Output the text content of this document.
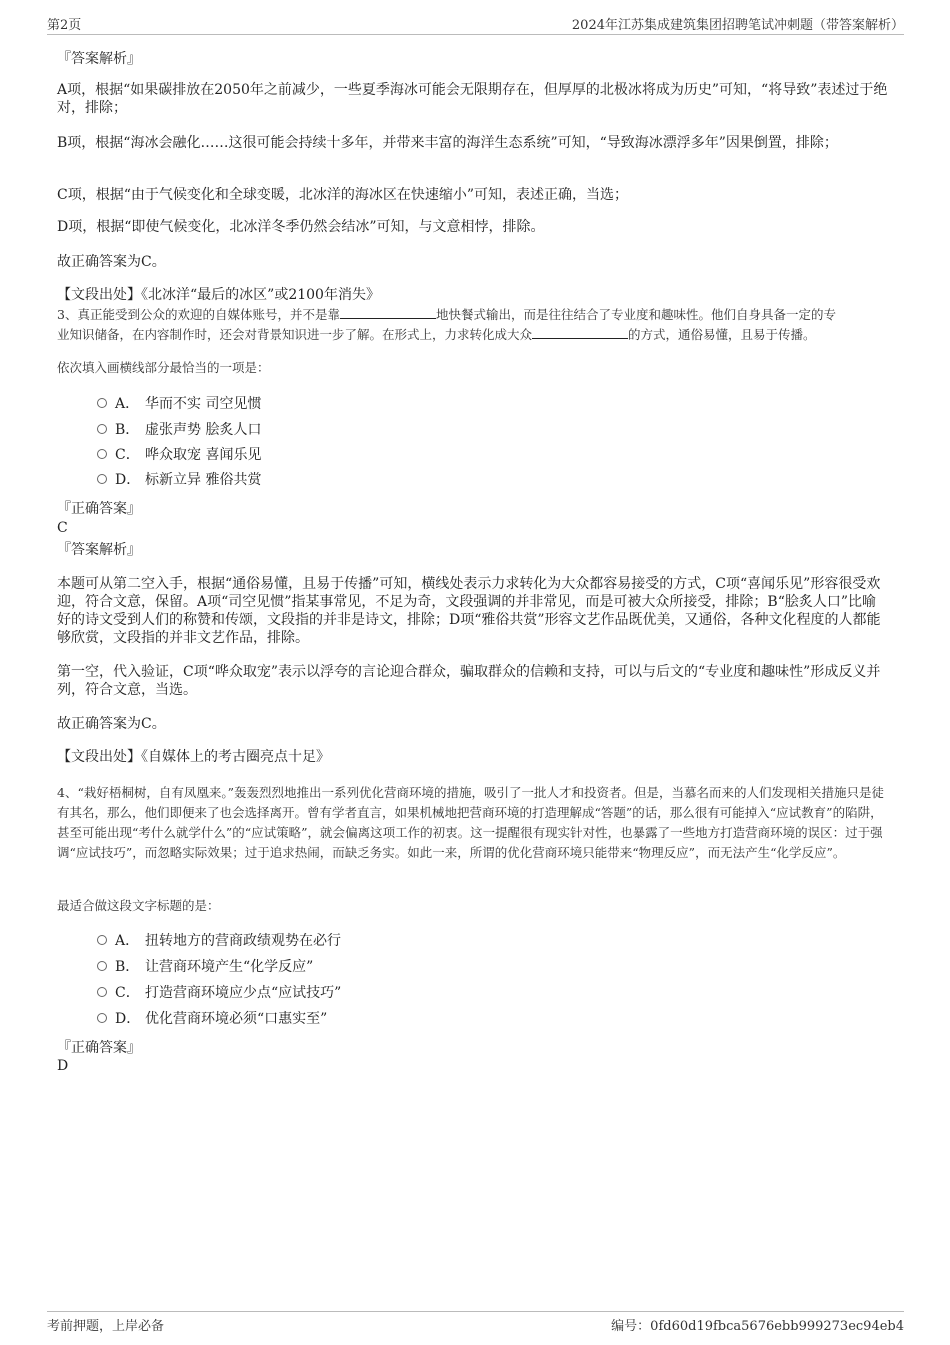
第2页	2024年江苏集成建筑集团招聘笔试冲刺题（带答案解析）
『答案解析』
A项，根据“如果碳排放在2050年之前减少，一些夏季海冰可能会无限期存在，但厚厚的北极冰将成为历史”可知，“将导致”表述过于绝对，排除；
B项，根据“海冰会融化……这很可能会持续十多年，并带来丰富的海洋生态系统”可知，“导致海冰漂浮多年”因果倒置，排除；
C项，根据“由于气候变化和全球变暖，北冰洋的海冰区在快速缩小”可知，表述正确，当选；
D项，根据“即使气候变化，北冰洋冬季仍然会结冰”可知，与文意相悖，排除。
故正确答案为C。
【文段出处】《北冰洋“最后的冰区”或2100年消失》
3、真正能受到公众的欢迎的自媒体账号，并不是靠	地快餐式输出，而是往往结合了专业度和趣味性。他们自身具备一定的专
业知识储备，在内容制作时，还会对背景知识进一步了解。在形式上，力求转化成大众	的方式，通俗易懂，且易于传播。
依次填入画横线部分最恰当的一项是：
A． 华而不实 司空见惯
B． 虚张声势 脍炙人口
C． 哗众取宠 喜闻乐见
D． 标新立异 雅俗共赏
『正确答案』
C
『答案解析』
本题可从第二空入手，根据“通俗易懂，且易于传播”可知，横线处表示力求转化为大众都容易接受的方式，C项“喜闻乐见”形容很受欢迎，符合文意，保留。A项“司空见惯”指某事常见，不足为奇，文段强调的并非常见，而是可被大众所接受，排除；B“脍炙人口”比喻好的诗文受到人们的称赞和传颂，文段指的并非是诗文，排除；D项“雅俗共赏”形容文艺作品既优美，又通俗，各种文化程度的人都能够欣赏，文段指的并非文艺作品，排除。
第一空，代入验证，C项“哗众取宠”表示以浮夸的言论迎合群众，骗取群众的信赖和支持，可以与后文的“专业度和趣味性”形成反义并列，符合文意，当选。
故正确答案为C。
【文段出处】《自媒体上的考古圈亮点十足》
4、“栽好梧桐树，自有凤凰来。”轰轰烈烈地推出一系列优化营商环境的措施，吸引了一批人才和投资者。但是，当慕名而来的人们发现相关措施只是徒有其名，那么，他们即便来了也会选择离开。曾有学者直言，如果机械地把营商环境的打造理解成“答题”的话，那么很有可能掉入“应试教育”的陷阱，甚至可能出现“考什么就学什么”的“应试策略”，就会偏离这项工作的初衷。这一提醒很有现实针对性，也暴露了一些地方打造营商环境的误区：过于强调“应试技巧”，而忽略实际效果；过于追求热闹，而缺乏务实。如此一来，所谓的优化营商环境只能带来“物理反应”，而无法产生“化学反应”。
最适合做这段文字标题的是：
A． 扭转地方的营商政绩观势在必行
B． 让营商环境产生“化学反应”
C． 打造营商环境应少点“应试技巧”
D． 优化营商环境必须“口惠实至”
『正确答案』
D
考前押题，上岸必备	编号：0fd60d19fbca5676ebb999273ec94eb4
